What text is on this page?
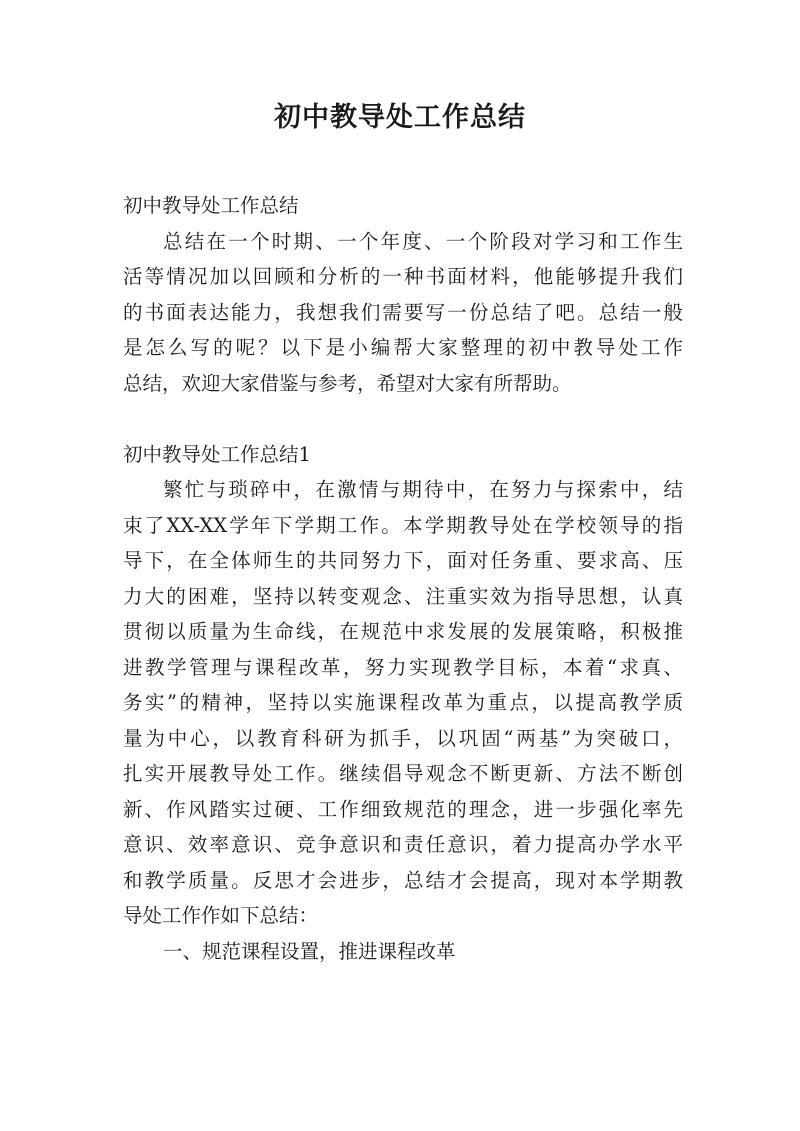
初中教导处工作总结
初中教导处工作总结
总结在一个时期、一个年度、一个阶段对学习和工作生
活等情况加以回顾和分析的一种书面材料，他能够提升我们
的书面表达能力，我想我们需要写一份总结了吧。总结一般
是怎么写的呢？以下是小编帮大家整理的初中教导处工作
总结，欢迎大家借鉴与参考，希望对大家有所帮助。
初中教导处工作总结1
繁忙与琐碎中，在激情与期待中，在努力与探索中，结
束了XX-XX学年下学期工作。本学期教导处在学校领导的指
导下，在全体师生的共同努力下，面对任务重、要求高、压
力大的困难，坚持以转变观念、注重实效为指导思想，认真
贯彻以质量为生命线，在规范中求发展的发展策略，积极推
进教学管理与课程改革，努力实现教学目标，本着“求真、
务实”的精神，坚持以实施课程改革为重点，以提高教学质
量为中心，以教育科研为抓手，以巩固“两基”为突破口，
扎实开展教导处工作。继续倡导观念不断更新、方法不断创
新、作风踏实过硬、工作细致规范的理念，进一步强化率先
意识、效率意识、竞争意识和责任意识，着力提高办学水平
和教学质量。反思才会进步，总结才会提高，现对本学期教
导处工作作如下总结：
一、规范课程设置，推进课程改革
